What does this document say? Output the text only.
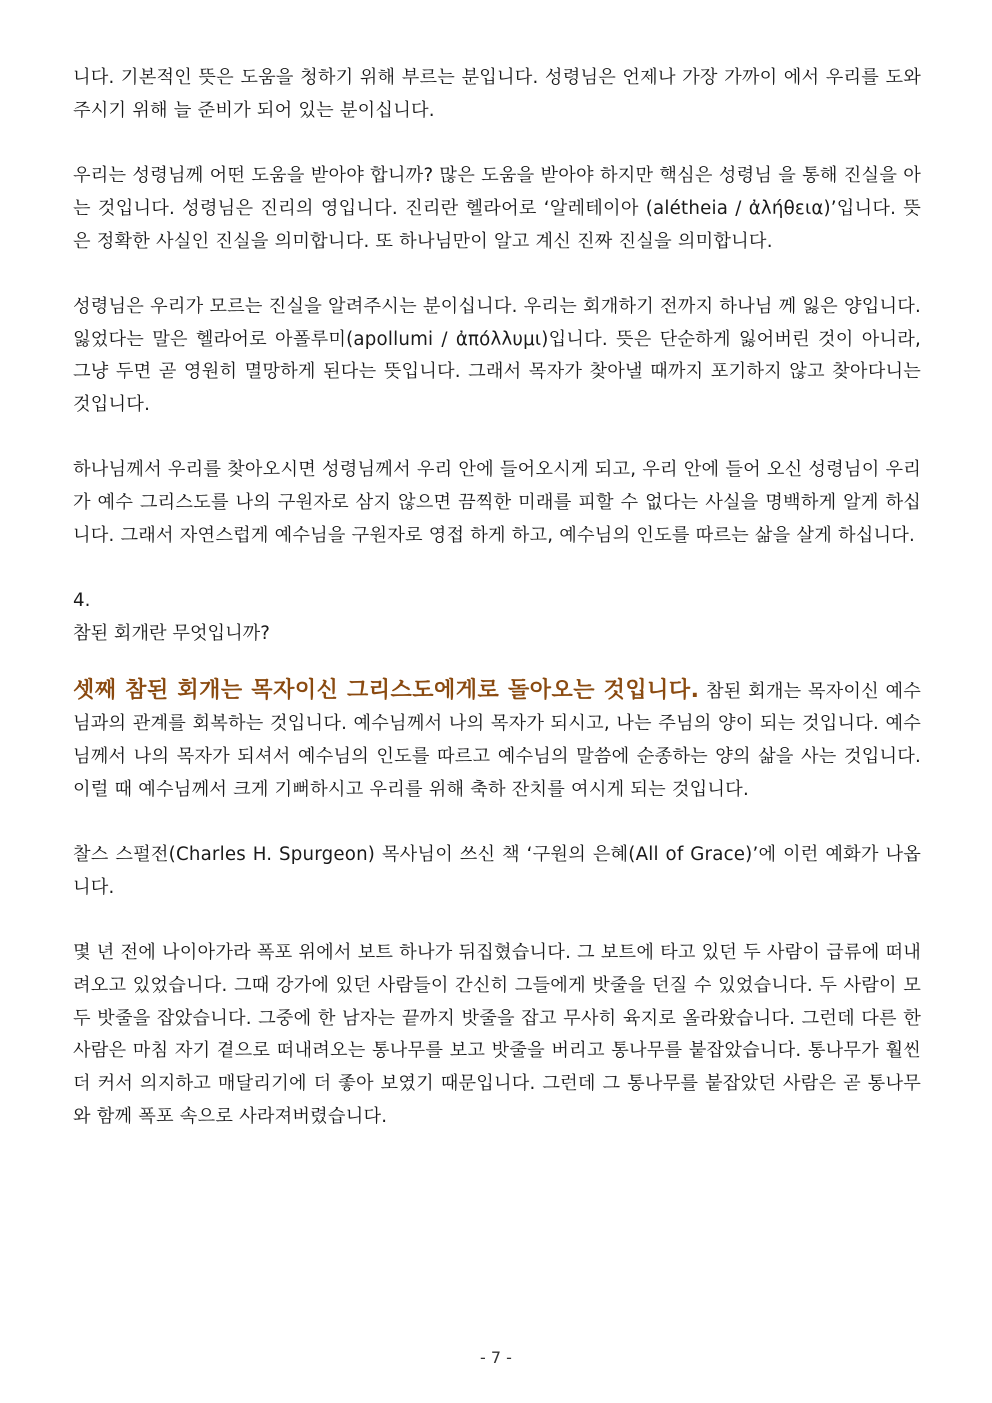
니다. 기본적인 뜻은 도움을 청하기 위해 부르는 분입니다. 성령님은 언제나 가장 가까이 에서 우리를 도와주시기 위해 늘 준비가 되어 있는 분이십니다.

우리는 성령님께 어떤 도움을 받아야 합니까? 많은 도움을 받아야 하지만 핵심은 성령님 을 통해 진실을 아는 것입니다. 성령님은 진리의 영입니다. 진리란 헬라어로 ‘알레테이아 (alétheia / ἀλήθεια)’입니다. 뜻은 정확한 사실인 진실을 의미합니다. 또 하나님만이 알고 계신 진짜 진실을 의미합니다.

성령님은 우리가 모르는 진실을 알려주시는 분이십니다. 우리는 회개하기 전까지 하나님 께 잃은 양입니다. 잃었다는 말은 헬라어로 아폴루미(apollumi / ἀπόλλυμι)입니다. 뜻은 단순하게 잃어버린 것이 아니라, 그냥 두면 곧 영원히 멸망하게 된다는 뜻입니다. 그래서 목자가 찾아낼 때까지 포기하지 않고 찾아다니는 것입니다.

하나님께서 우리를 찾아오시면 성령님께서 우리 안에 들어오시게 되고, 우리 안에 들어 오신 성령님이 우리가 예수 그리스도를 나의 구원자로 삼지 않으면 끔찍한 미래를 피할 수 없다는 사실을 명백하게 알게 하십니다. 그래서 자연스럽게 예수님을 구원자로 영접 하게 하고, 예수님의 인도를 따르는 삶을 살게 하십니다.

4.
참된 회개란 무엇입니까?

셋째 참된 회개는 목자이신 그리스도에게로 돌아오는 것입니다. 참된 회개는 목자이신 예수님과의 관계를 회복하는 것입니다. 예수님께서 나의 목자가 되시고, 나는 주님의 양이 되는 것입니다. 예수님께서 나의 목자가 되셔서 예수님의 인도를 따르고 예수님의 말씀에 순종하는 양의 삶을 사는 것입니다. 이럴 때 예수님께서 크게 기뻐하시고 우리를 위해 축하 잔치를 여시게 되는 것입니다.

찰스 스펄전(Charles H. Spurgeon) 목사님이 쓰신 책 ‘구원의 은혜(All of Grace)’에 이런 예화가 나옵니다.

몇 년 전에 나이아가라 폭포 위에서 보트 하나가 뒤집혔습니다. 그 보트에 타고 있던 두 사람이 급류에 떠내려오고 있었습니다. 그때 강가에 있던 사람들이 간신히 그들에게 밧줄을 던질 수 있었습니다. 두 사람이 모두 밧줄을 잡았습니다. 그중에 한 남자는 끝까지 밧줄을 잡고 무사히 육지로 올라왔습니다. 그런데 다른 한 사람은 마침 자기 곁으로 떠내려오는 통나무를 보고 밧줄을 버리고 통나무를 붙잡았습니다. 통나무가 훨씬 더 커서 의지하고 매달리기에 더 좋아 보였기 때문입니다. 그런데 그 통나무를 붙잡았던 사람은 곧 통나무와 함께 폭포 속으로 사라져버렸습니다.

- 7 -
